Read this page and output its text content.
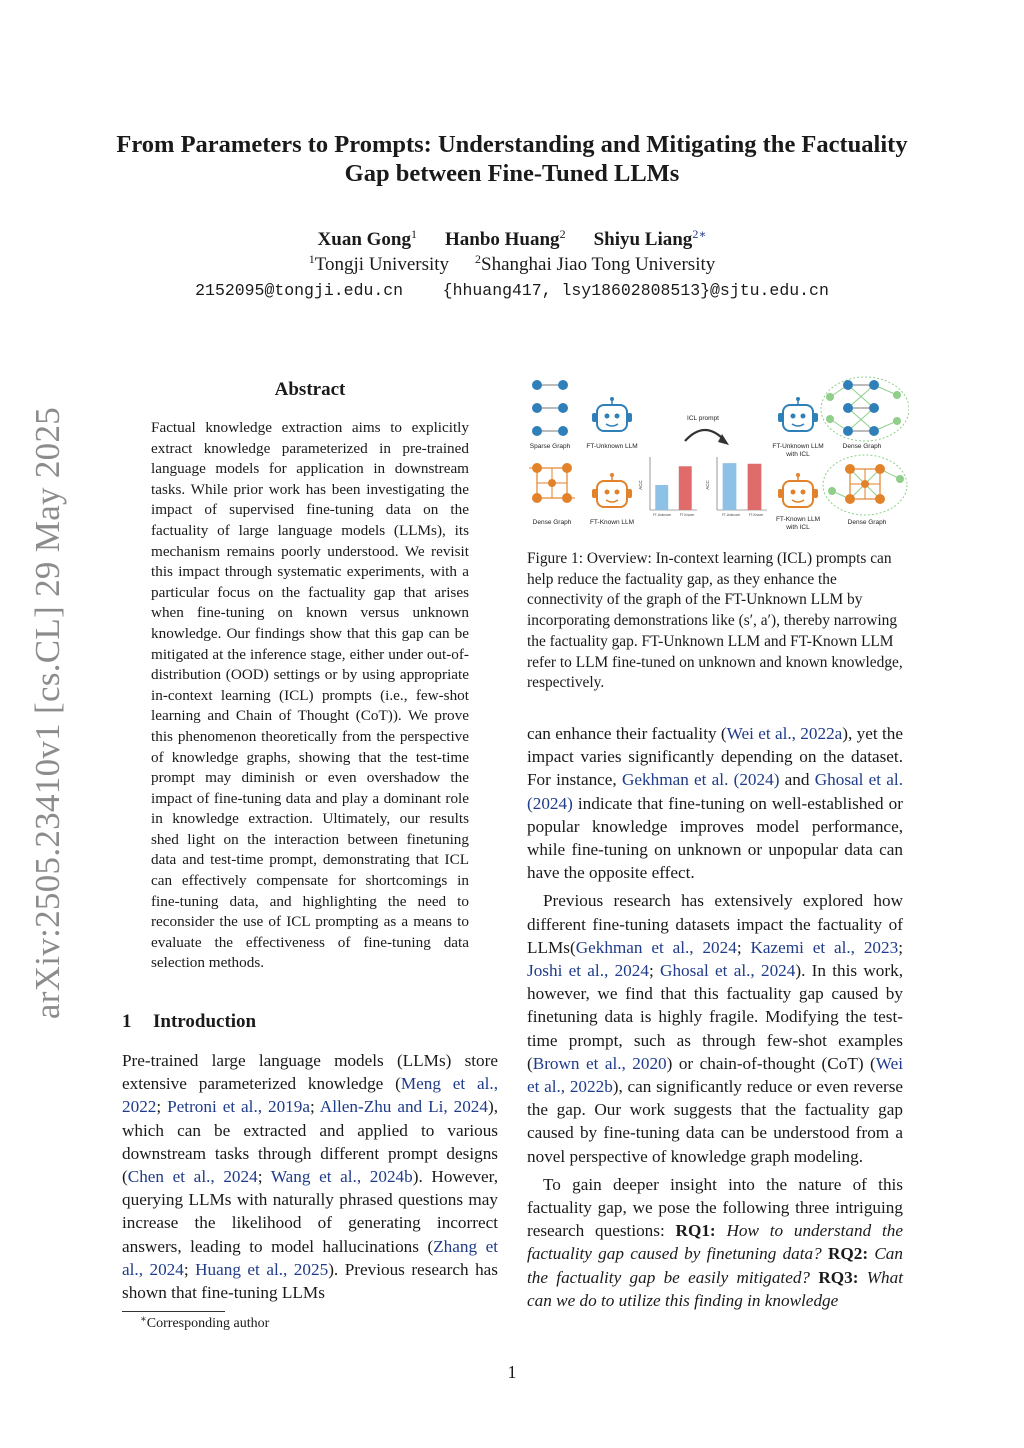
arXiv:2505.23410v1 [cs.CL] 29 May 2025
From Parameters to Prompts: Understanding and Mitigating the Factuality
Gap between Fine-Tuned LLMs
Xuan Gong$^1$ Hanbo Huang$^2$ Shiyu Liang$^{2∗}$
$^1$Tongji University $^2$Shanghai Jiao Tong University
2152095@tongji.edu.cn    {hhuang417, lsy18602808513}@sjtu.edu.cn
Abstract
Factual knowledge extraction aims to explicitly extract knowledge parameterized in pre-trained language models for application in downstream tasks. While prior work has been investigating the impact of supervised fine-tuning data on the factuality of large language models (LLMs), its mechanism remains poorly understood. We revisit this impact through systematic experiments, with a particular focus on the factuality gap that arises when fine-tuning on known versus unknown knowledge. Our findings show that this gap can be mitigated at the inference stage, either under out-of-distribution (OOD) settings or by using appropriate in-context learning (ICL) prompts (i.e., few-shot learning and Chain of Thought (CoT)). We prove this phenomenon theoretically from the perspective of knowledge graphs, showing that the test-time prompt may diminish or even overshadow the impact of fine-tuning data and play a dominant role in knowledge extraction. Ultimately, our results shed light on the interaction between finetuning data and test-time prompt, demonstrating that ICL can effectively compensate for shortcomings in fine-tuning data, and highlighting the need to reconsider the use of ICL prompting as a means to evaluate the effectiveness of fine-tuning data selection methods.
1 Introduction
Pre-trained large language models (LLMs) store extensive parameterized knowledge (Meng et al., 2022; Petroni et al., 2019a; Allen-Zhu and Li, 2024), which can be extracted and applied to various downstream tasks through different prompt designs (Chen et al., 2024; Wang et al., 2024b). However, querying LLMs with naturally phrased questions may increase the likelihood of generating incorrect answers, leading to model hallucinations (Zhang et al., 2024; Huang et al., 2025). Previous research has shown that fine-tuning LLMs
∗Corresponding author
Sparse Graph
Dense Graph
FT-Unknown LLM
FT-Known LLM
ICL prompt
ACC
FT-Unknown	FT-Known
ACC
FT-Unknown	FT-Known
FT-Unknown LLM
with ICL
FT-Known LLM
with ICL
Dense Graph
Dense Graph
Figure 1: Overview: In-context learning (ICL) prompts can help reduce the factuality gap, as they enhance the connectivity of the graph of the FT-Unknown LLM by incorporating demonstrations like (s′, a′), thereby narrowing the factuality gap. FT-Unknown LLM and FT-Known LLM refer to LLM fine-tuned on unknown and known knowledge, respectively.

can enhance their factuality (Wei et al., 2022a), yet the impact varies significantly depending on the dataset. For instance, Gekhman et al. (2024) and Ghosal et al. (2024) indicate that fine-tuning on well-established or popular knowledge improves model performance, while fine-tuning on unknown or unpopular data can have the opposite effect.

Previous research has extensively explored how different fine-tuning datasets impact the factuality of LLMs(Gekhman et al., 2024; Kazemi et al., 2023; Joshi et al., 2024; Ghosal et al., 2024). In this work, however, we find that this factuality gap caused by finetuning data is highly fragile. Modifying the test-time prompt, such as through few-shot examples (Brown et al., 2020) or chain-of-thought (CoT) (Wei et al., 2022b), can significantly reduce or even reverse the gap. Our work suggests that the factuality gap caused by fine-tuning data can be understood from a novel perspective of knowledge graph modeling.

To gain deeper insight into the nature of this factuality gap, we pose the following three intriguing research questions: RQ1: How to understand the factuality gap caused by finetuning data? RQ2: Can the factuality gap be easily mitigated? RQ3: What can we do to utilize this finding in knowledge

1
